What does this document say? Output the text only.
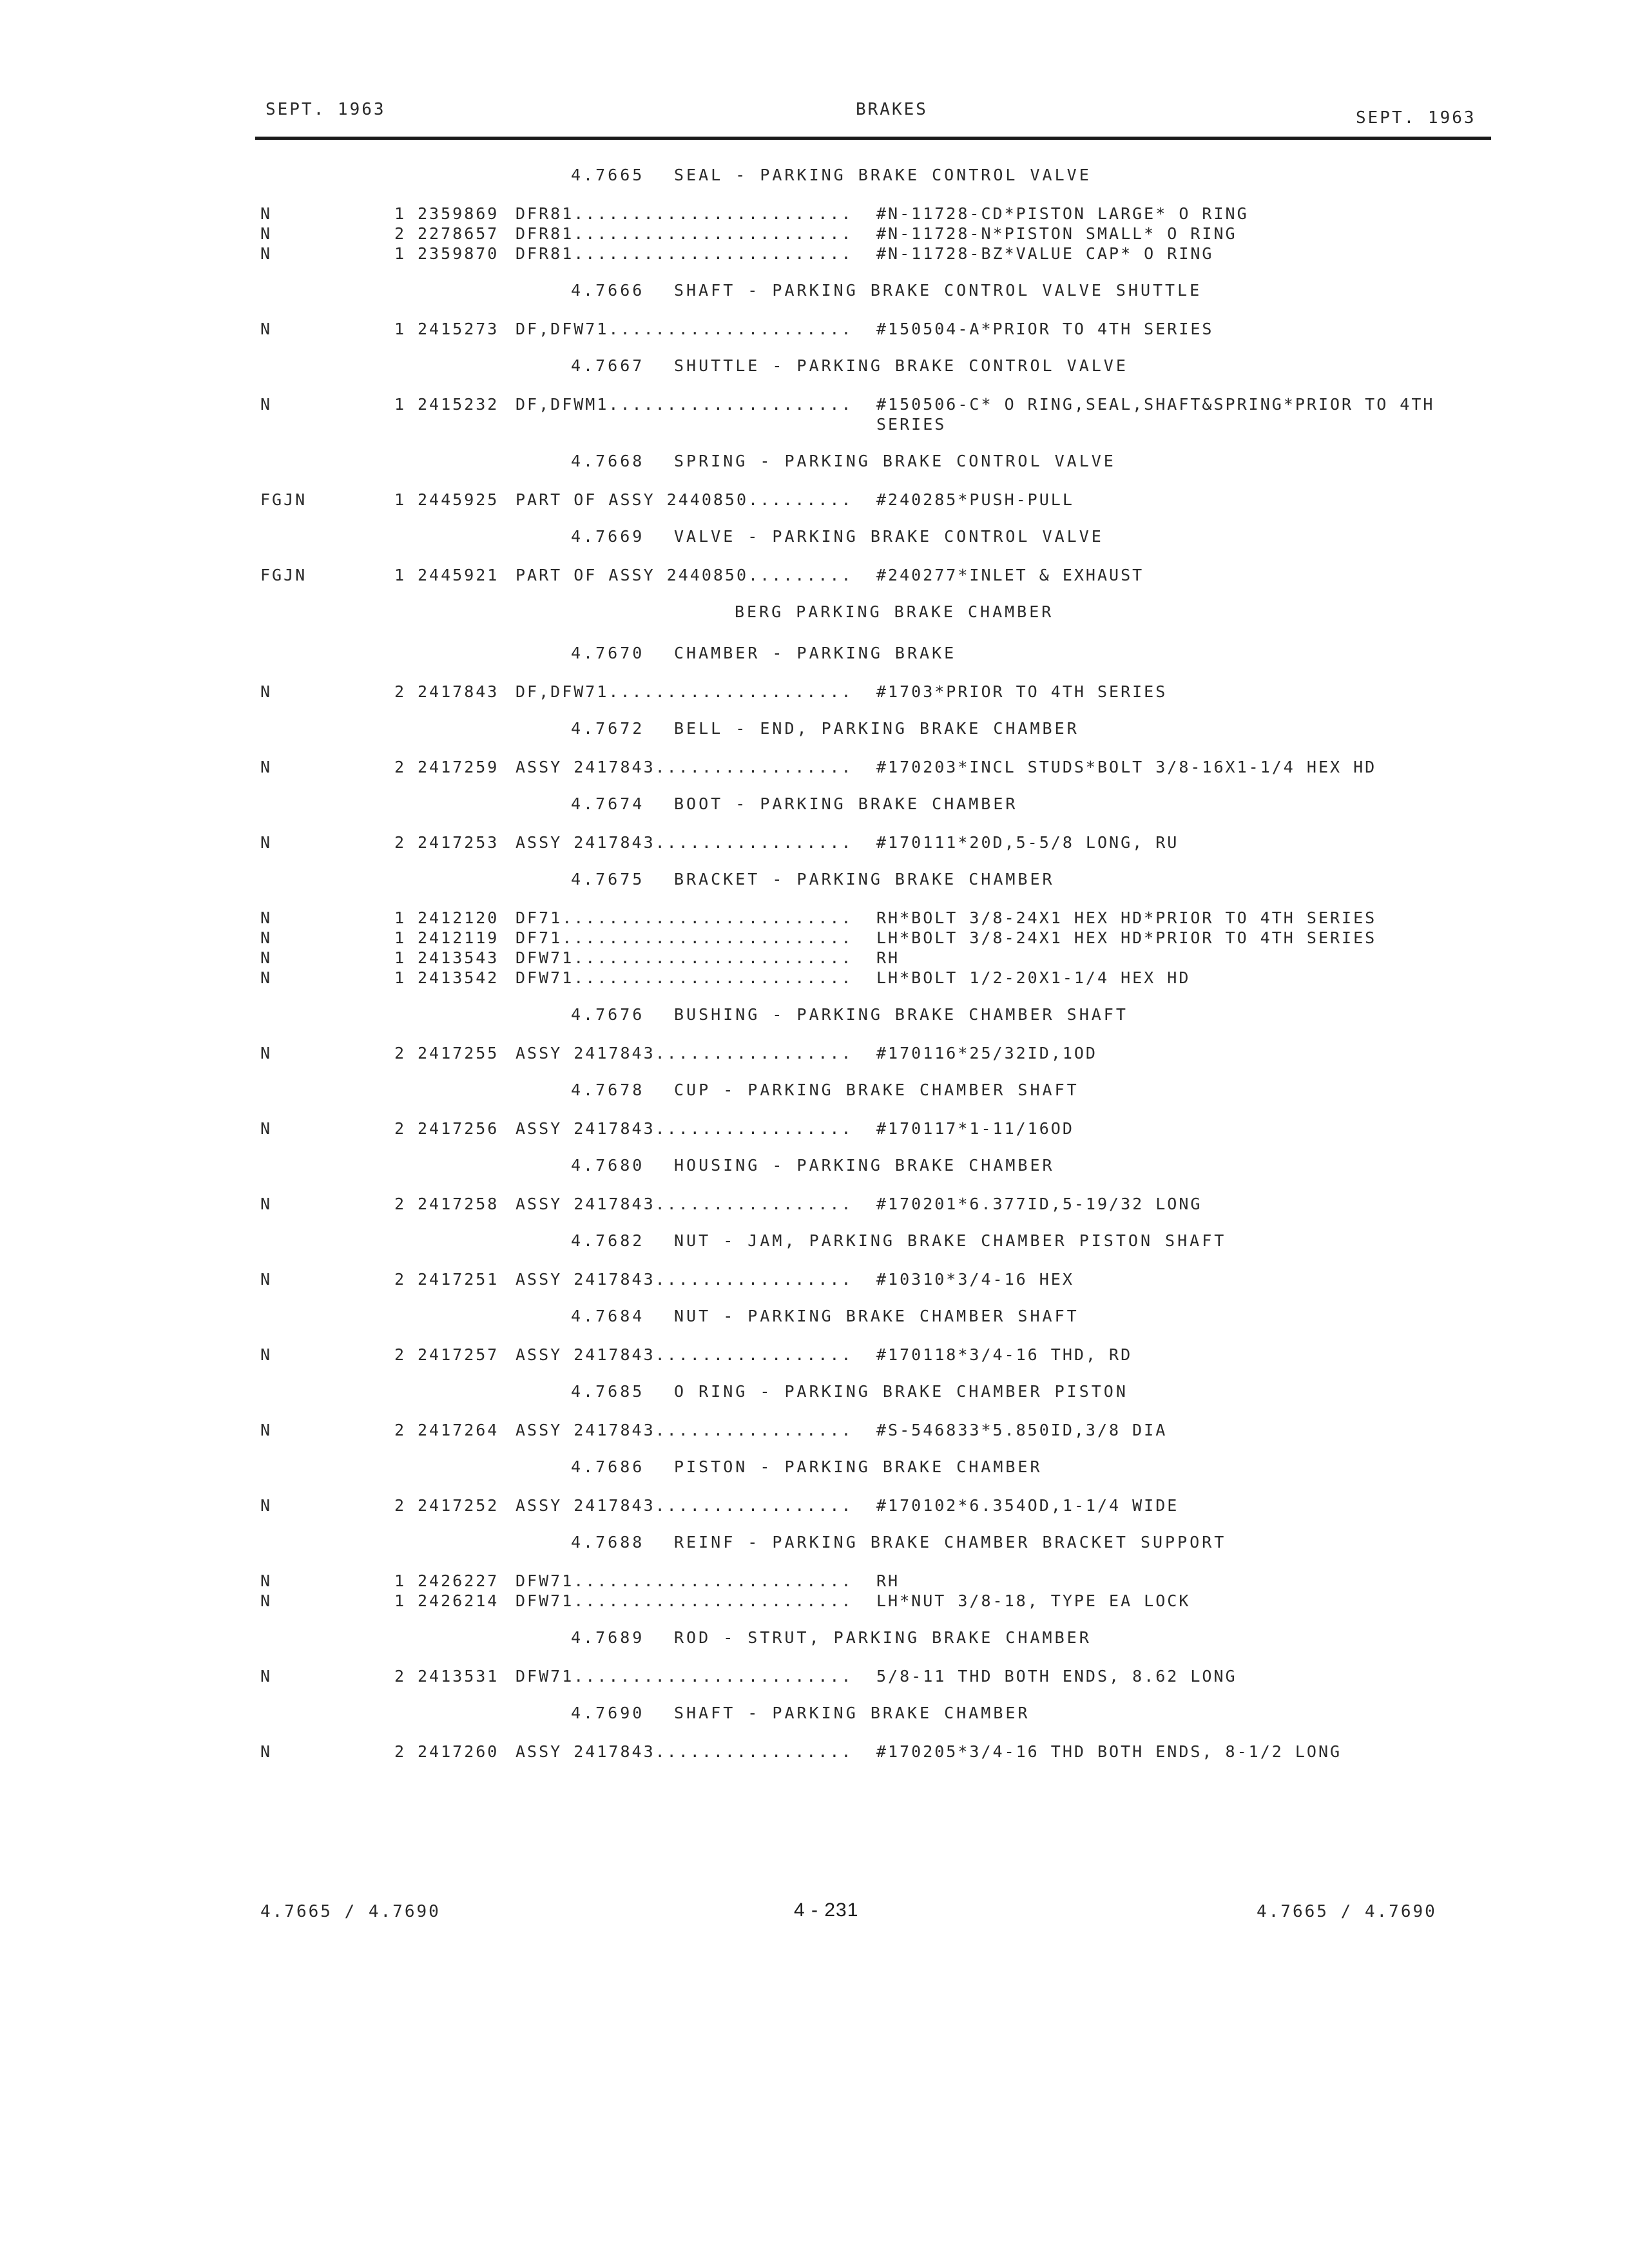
SEPT. 1963	BRAKES	SEPT. 1963
4.7665 SEAL - PARKING BRAKE CONTROL VALVE
N	1 2359869 DFR81........................ #N-11728-CD*PISTON LARGE* O RING
N	2 2278657 DFR81........................ #N-11728-N*PISTON SMALL* O RING
N	1 2359870 DFR81........................ #N-11728-BZ*VALUE CAP* O RING
4.7666 SHAFT - PARKING BRAKE CONTROL VALVE SHUTTLE
N	1 2415273 DF,DFW71..................... #150504-A*PRIOR TO 4TH SERIES
4.7667 SHUTTLE - PARKING BRAKE CONTROL VALVE
N	1 2415232 DF,DFWM1..................... #150506-C* O RING,SEAL,SHAFT&SPRING*PRIOR TO 4TH SERIES
4.7668 SPRING - PARKING BRAKE CONTROL VALVE
FGJN	1 2445925 PART OF ASSY 2440850......... #240285*PUSH-PULL
4.7669 VALVE - PARKING BRAKE CONTROL VALVE
FGJN	1 2445921 PART OF ASSY 2440850......... #240277*INLET & EXHAUST
BERG PARKING BRAKE CHAMBER
4.7670 CHAMBER - PARKING BRAKE
N	2 2417843 DF,DFW71..................... #1703*PRIOR TO 4TH SERIES
4.7672 BELL - END, PARKING BRAKE CHAMBER
N	2 2417259 ASSY 2417843................. #170203*INCL STUDS*BOLT 3/8-16X1-1/4 HEX HD
4.7674 BOOT - PARKING BRAKE CHAMBER
N	2 2417253 ASSY 2417843................. #170111*20D,5-5/8 LONG, RU
4.7675 BRACKET - PARKING BRAKE CHAMBER
N	1 2412120 DF71......................... RH*BOLT 3/8-24X1 HEX HD*PRIOR TO 4TH SERIES
N	1 2412119 DF71......................... LH*BOLT 3/8-24X1 HEX HD*PRIOR TO 4TH SERIES
N	1 2413543 DFW71........................ RH
N	1 2413542 DFW71........................ LH*BOLT 1/2-20X1-1/4 HEX HD
4.7676 BUSHING - PARKING BRAKE CHAMBER SHAFT
N	2 2417255 ASSY 2417843................. #170116*25/32ID,1OD
4.7678 CUP - PARKING BRAKE CHAMBER SHAFT
N	2 2417256 ASSY 2417843................. #170117*1-11/16OD
4.7680 HOUSING - PARKING BRAKE CHAMBER
N	2 2417258 ASSY 2417843................. #170201*6.377ID,5-19/32 LONG
4.7682 NUT - JAM, PARKING BRAKE CHAMBER PISTON SHAFT
N	2 2417251 ASSY 2417843................. #10310*3/4-16 HEX
4.7684 NUT - PARKING BRAKE CHAMBER SHAFT
N	2 2417257 ASSY 2417843................. #170118*3/4-16 THD, RD
4.7685 O RING - PARKING BRAKE CHAMBER PISTON
N	2 2417264 ASSY 2417843................. #S-546833*5.850ID,3/8 DIA
4.7686 PISTON - PARKING BRAKE CHAMBER
N	2 2417252 ASSY 2417843................. #170102*6.354OD,1-1/4 WIDE
4.7688 REINF - PARKING BRAKE CHAMBER BRACKET SUPPORT
N	1 2426227 DFW71........................ RH
N	1 2426214 DFW71........................ LH*NUT 3/8-18, TYPE EA LOCK
4.7689 ROD - STRUT, PARKING BRAKE CHAMBER
N	2 2413531 DFW71........................ 5/8-11 THD BOTH ENDS, 8.62 LONG
4.7690 SHAFT - PARKING BRAKE CHAMBER
N	2 2417260 ASSY 2417843................. #170205*3/4-16 THD BOTH ENDS, 8-1/2 LONG
4.7665 / 4.7690	4 - 231	4.7665 / 4.7690
